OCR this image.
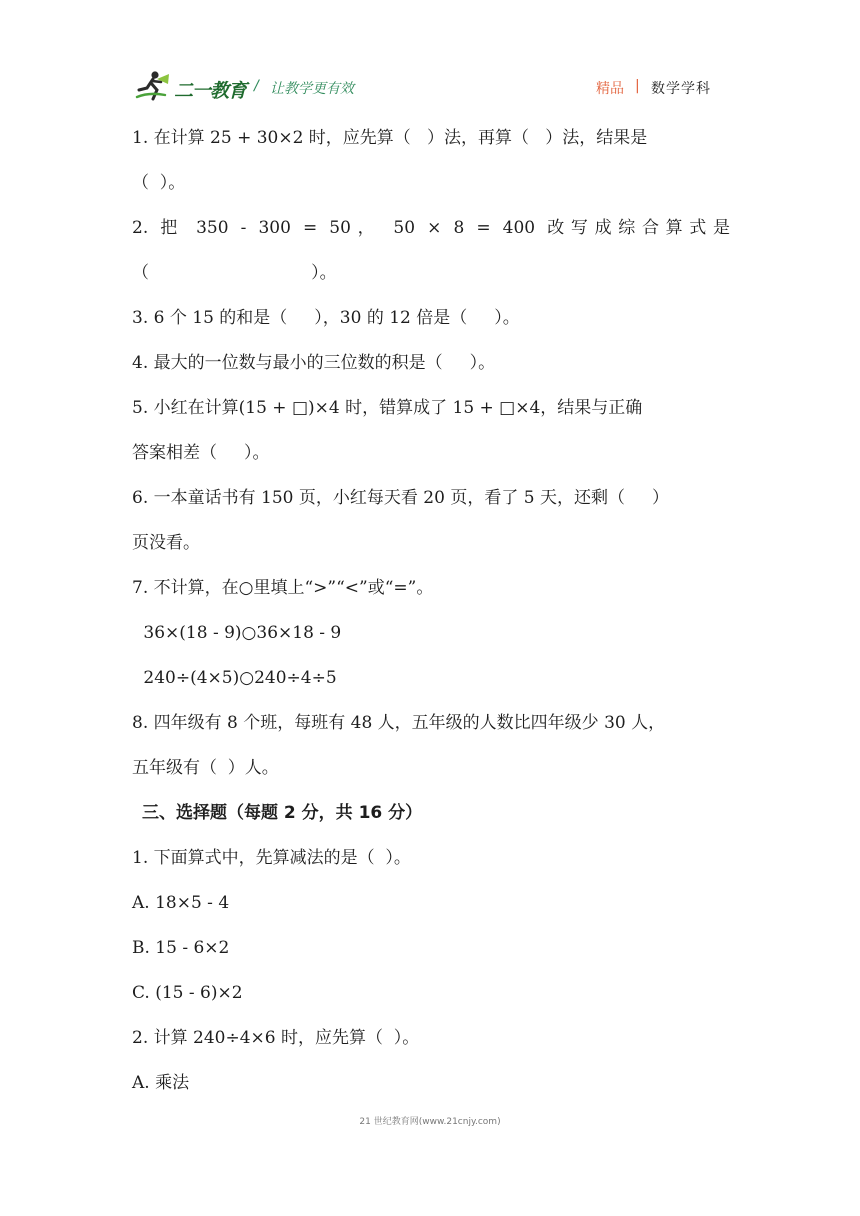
二一教育 / 让教学更有效	精品 | 数学学科
1. 在计算 25 + 30×2 时，应先算（   ）法，再算（   ）法，结果是
（  ）。
2. 把 350 - 300 = 50， 50 × 8 = 400 改写成综合算式是
（                              ）。
3. 6 个 15 的和是（     ），30 的 12 倍是（     ）。
4. 最大的一位数与最小的三位数的积是（     ）。
5. 小红在计算(15 + □)×4 时，错算成了 15 + □×4，结果与正确
答案相差（     ）。
6. 一本童话书有 150 页，小红每天看 20 页，看了 5 天，还剩（     ）
页没看。
7. 不计算，在○里填上“>”“<”或“=”。
36×(18 - 9)○36×18 - 9
240÷(4×5)○240÷4÷5
8. 四年级有 8 个班，每班有 48 人，五年级的人数比四年级少 30 人，
五年级有（  ）人。
三、选择题（每题 2 分，共 16 分）
1. 下面算式中，先算减法的是（  ）。
A. 18×5 - 4
B. 15 - 6×2
C. (15 - 6)×2
2. 计算 240÷4×6 时，应先算（  ）。
A. 乘法
21 世纪教育网(www.21cnjy.com)
